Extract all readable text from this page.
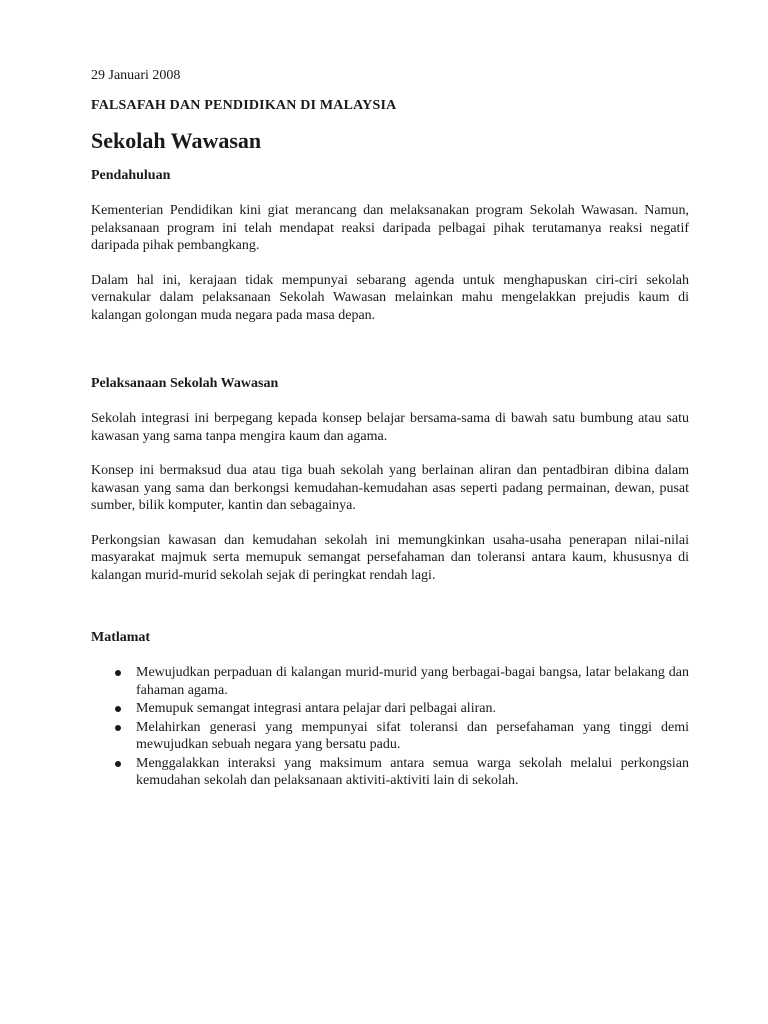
29 Januari 2008
FALSAFAH DAN PENDIDIKAN DI MALAYSIA
Sekolah Wawasan
Pendahuluan

Kementerian Pendidikan kini giat merancang dan melaksanakan program Sekolah Wawasan. Namun, pelaksanaan program ini telah mendapat reaksi daripada pelbagai pihak terutamanya reaksi negatif daripada pihak pembangkang.

Dalam hal ini, kerajaan tidak mempunyai sebarang agenda untuk menghapuskan ciri-ciri sekolah vernakular dalam pelaksanaan Sekolah Wawasan melainkan mahu mengelakkan prejudis kaum di kalangan golongan muda negara pada masa depan.

Pelaksanaan Sekolah Wawasan

Sekolah integrasi ini berpegang kepada konsep belajar bersama-sama di bawah satu bumbung atau satu kawasan yang sama tanpa mengira kaum dan agama.

Konsep ini bermaksud dua atau tiga buah sekolah yang berlainan aliran dan pentadbiran dibina dalam kawasan yang sama dan berkongsi kemudahan-kemudahan asas seperti padang permainan, dewan, pusat sumber, bilik komputer, kantin dan sebagainya.

Perkongsian kawasan dan kemudahan sekolah ini memungkinkan usaha-usaha penerapan nilai-nilai masyarakat majmuk serta memupuk semangat persefahaman dan toleransi antara kaum, khususnya di kalangan murid-murid sekolah sejak di peringkat rendah lagi.

Matlamat
Mewujudkan perpaduan di kalangan murid-murid yang berbagai-bagai bangsa, latar belakang dan fahaman agama.
Memupuk semangat integrasi antara pelajar dari pelbagai aliran.
Melahirkan generasi yang mempunyai sifat toleransi dan persefahaman yang tinggi demi mewujudkan sebuah negara yang bersatu padu.
Menggalakkan interaksi yang maksimum antara semua warga sekolah melalui perkongsian kemudahan sekolah dan pelaksanaan aktiviti-aktiviti lain di sekolah.
